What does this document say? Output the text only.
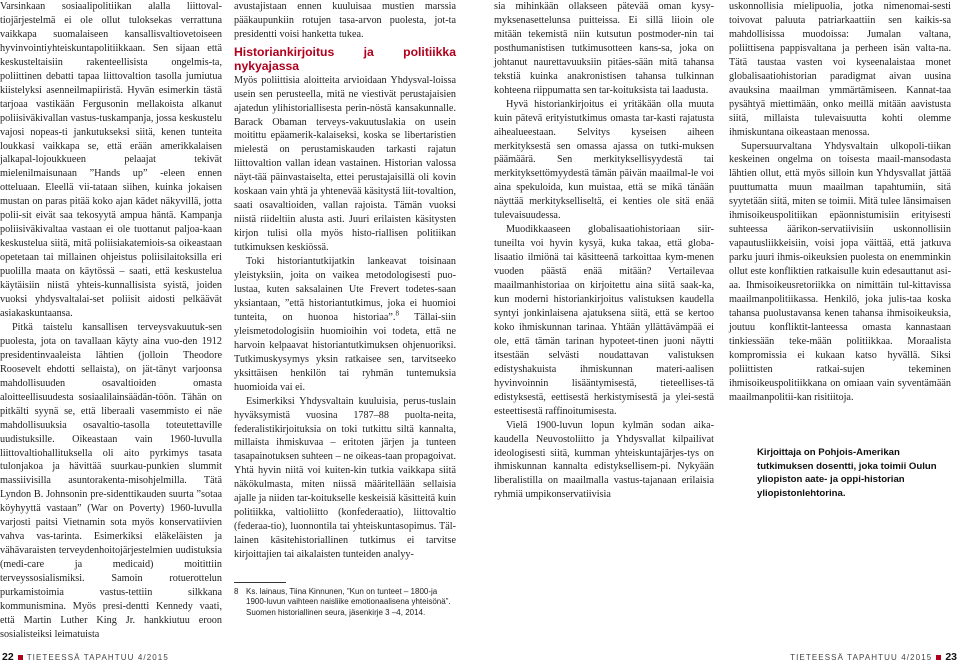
Varsinkaan sosiaalipolitiikan alalla liittoval-tiojärjestelmä ei ole ollut tuloksekas verrattuna vaikkapa suomalaiseen kansallisvaltiovetoiseen hyvinvointiyhteiskuntapolitiikkaan. Sen sijaan että keskusteltaisiin rakenteellisista ongelmis-ta, poliittinen debatti tapaa liittovaltion tasolla jumiutua kiistelyksi asenneilmapiiristä. Hyvän esimerkin tästä tarjoaa vastikään Fergusonin mellakoista alkanut poliisiväkivallan vastus-tuskampanja, jossa keskustelu vajosi nopeas-ti jankutukseksi siitä, kenen tunteita loukkasi vaikkapa se, että erään amerikkalaisen jalkapal-lojoukkueen pelaajat tekivät mielenilmaisunaan ”Hands up” -eleen ennen otteluaan. Eleellä vii-tataan siihen, kuinka jokaisen mustan on paras pitää koko ajan kädet näkyvillä, jotta polii-sit eivät saa tekosyytä ampua häntä. Kampanja poliisiväkivaltaa vastaan ei ole tuottanut paljoa-kaan keskustelua siitä, mitä poliisiakatemiois-sa oikeastaan opetetaan tai millainen ohjeistus poliisilaitoksilla eri puolilla maata on käytössä – saati, että keskustelua käytäisiin niistä yhteis-kunnallisista syistä, joiden vuoksi yhdysvaltalai-set poliisit aidosti pelkäävät asiakaskuntaansa.

Pitkä taistelu kansallisen terveysvakuutuk-sen puolesta, jota on tavallaan käyty aina vuo-den 1912 presidentinvaaleista lähtien (jolloin Theodore Roosevelt ehdotti sellaista), on jät-tänyt varjoonsa mahdollisuuden osavaltioiden omasta aloitteellisuudesta sosiaalilainsäädän-töön. Tähän on pitkälti syynä se, että liberaali vasemmisto ei näe mahdollisuuksia osavaltio-tasolla toteutettaville uudistuksille. Oikeastaan vain 1960-luvulla liittovaltiohallituksella oli aito pyrkimys tasata tulonjakoa ja hävittää suurkau-punkien slummit massiivisilla asuntorakenta-misohjelmilla. Tätä Lyndon B. Johnsonin pre-sidenttikauden suurta ”sotaa köyhyyttä vastaan” (War on Poverty) 1960-luvulla varjosti paitsi Vietnamin sota myös konservatiivien vahva vas-tarinta. Esimerkiksi eläkeläisten ja vähävaraisten terveydenhoitojärjestelmien uudistuksia (medi-care ja medicaid) moitittiin terveyssosialismiksi. Samoin rotuerottelun purkamistoimia vastus-tettiin silkkana kommunismina. Myös presi-dentti Kennedy vaati, että Martin Luther King Jr. hankkiutuu eroon sosialisteiksi leimatuista

avustajistaan ennen kuuluisaa mustien marssia pääkaupunkiin rotujen tasa-arvon puolesta, jot-ta presidentti voisi hanketta tukea.

Historiankirjoitus ja politiikka nykyajassa

Myös poliittisia aloitteita arvioidaan Yhdysval-loissa usein sen perusteella, mitä ne viestivät perustajaisien ajatedun ylihistoriallisesta perin-nöstä kansakunnalle. Barack Obaman terveys-vakuutuslakia on usein moitittu epäamerik-kalaiseksi, koska se libertaristien mielestä on perustamiskauden tarkasti rajatun liittovaltion vallan idean vastainen. Historian valossa näyt-tää päinvastaiselta, ettei perustajaisillä oli kovin koskaan vain yhtä ja yhtenevää käsitystä liit-tovaltion, saati osavaltioiden, vallan rajoista. Tämän vuoksi niistä riideltiin alusta asti. Juuri erilaisten käsitysten kirjon tulisi olla myös histo-riallisen politiikan tutkimuksen keskiössä.

Toki historiantutkijatkin lankeavat toisinaan yleistyksiin, joita on vaikea metodologisesti puo-lustaa, kuten saksalainen Ute Frevert todetes-saan yksiantaan, ”että historiantutkimus, joka ei huomioi tunteita, on huonoa historiaa”.$^8$ Tällai-siin yleismetodologisiin huomioihin voi todeta, että ne harvoin kelpaavat historiantutkimuksen ohjenuoriksi. Tutkimuskysymys yksin ratkaisee sen, tarvitseeko yksittäisen henkilön tai ryhmän tuntemuksia huomioida vai ei.

Esimerkiksi Yhdysvaltain kuuluisia, perus-tuslain hyväksymistä vuosina 1787–88 puolta-neita, federalistikirjoituksia on toki tutkittu siltä kannalta, millaista ihmiskuvaa – eritoten järjen ja tunteen tasapainotuksen suhteen – ne oikeas-taan propagoivat. Yhtä hyvin niitä voi kuiten-kin tutkia vaikkapa siitä näkökulmasta, miten niissä määritellään sellaisia ajalle ja niiden tar-koitukselle keskeisiä käsitteitä kuin politiikka, valtioliitto (konfederaatio), liittovaltio (federaa-tio), luonnontila tai yhteiskuntasopimus. Täl-lainen käsitehistoriallinen tutkimus ei tarvitse kirjoittajien tai aikalaisten tunteiden analyy-

8 Ks. lainaus, Tiina Kinnunen, ”Kun on tunteet – 1800-ja 1900-luvun vaihteen naisliike emotionaalisena yhteisönä”. Suomen historiallinen seura, jäsenkirje 3 –4, 2014.

sia mihinkään ollakseen pätevää oman kysy-myksenasettelunsa puitteissa. Ei sillä liioin ole mitään tekemistä niin kutsutun postmoder-nin tai posthumanistisen tutkimusotteen kans-sa, joka on johtanut nauretta​vuuksiin pitäes-sään mitä tahansa tekstiä kuinka anakronistisen tahansa tulkinnan kohteena riippumatta sen tar-koituksista tai laadusta.

Hyvä historiankirjoitus ei yritäkään olla muuta kuin pätevä erityistutkimus omasta tar-kasti rajatusta aihealueestaan. Selvitys kyseisen aiheen merkityksestä sen omassa ajassa on tutki-muksen päämäärä. Sen merkityksellisyydestä tai merkityksettömyydestä tämän päivän maailmal-le voi aina spekuloida, kun muistaa, että se mikä tänään näyttää merkitykselliseltä, ei kenties ole sitä enää tulevaisuudessa.

Muodikkaaseen globalisaatiohistoriaan siir-tuneilta voi hyvin kysyä, kuka takaa, että globa-lisaatio ilmiönä tai käsitteenä tarkoittaa kym-menen vuoden päästä enää mitään? Vertailevaa maailmanhistoriaa on kirjoitettu aina siitä saak-ka, kun moderni historiankirjoitus valistuksen kaudella syntyi jonkinlaisena ajatuksena siitä, että se kertoo koko ihmiskunnan tarinaa. Yhtään yllättävämpää ei ole, että tämän tarinan hypoteet-tinen juoni näytti itsestään selvästi noudattavan valistuksen edistyshakuista ihmiskunnan materi-aalisen hyvinvoinnin lisääntymisestä, tieteellises-tä edistyksestä, eettisestä herkistymisestä ja ylei-sestä esteettisestä raffinoitumisesta.

Vielä 1900-luvun lopun kylmän sodan aika-kaudella Neuvostoliitto ja Yhdysvallat kilpailivat ideologisesti siitä, kumman yhteiskuntajärjes-tys on ihmiskunnan kannalta edistyksellisem-pi. Nykyään liberalistilla on maailmalla vastus-tajanaan erilaisia ryhmiä umpikonservatiivisia

uskonnollisia mielipuolia, jotka nimenomai-sesti toivovat paluuta patriarkaattiin sen kaikis-sa mahdollisissa muodoissa: Jumalan valtana, poliittisena pappisvaltana ja perheen isän valta-na. Tätä taustaa vasten voi kyseenalaistaa monet globalisaatiohistorian paradigmat aivan uusina avauksina maailman ymmärtämiseen. Kannat-taa pysähtyä miettimään, onko meillä mitään aavistusta siitä, millaista tulevaisuutta kohti olemme ihmiskuntana oikeastaan menossa.

Supersuurvaltana Yhdysvaltain ulkopoli-tiikan keskeinen ongelma on toisesta maail-mansodasta lähtien ollut, että myös silloin kun Yhdysvallat jättää puuttumatta muun maailman tapahtumiin, sitä syytetään siitä, miten se toimii. Mitä tulee länsimaisen ihmisoikeuspolitiikan epäonnistumisiin erityisesti suhteessa äärikon-servatiivisiin uskonnollisiin vapautusliikkeisiin, voisi jopa väittää, että jatkuva parku juuri ihmis-oikeuksien puolesta on enemminkin ollut este konfliktien ratkaisulle kuin edesauttanut asi-aa. Ihmisoikeusretoriikka on nimittäin tul-kittavissa maailmanpolitiikassa. Henkilö, joka julis-taa koska tahansa puolustavansa kenen tahansa ihmisoikeuksia, joutuu konfliktit-lanteessa omasta kannastaan tinkiessään teke-mään politiikkaa. Moraalista kompromissia ei kukaan katso hyvällä. Siksi poliittisten ratkai-sujen tekeminen ihmisoikeuspolitiikkana on omiaan vain syventämään maailmanpolitii-kan risitiitoja.

Kirjoittaja on Pohjois-Amerikan tutkimuksen dosentti, joka toimii Oulun yliopiston aate- ja oppi-historian yliopistonlehtorina.
22 TIETEESSÄ TAPAHTUU 4/2015	TIETEESSÄ TAPAHTUU 4/2015 23
